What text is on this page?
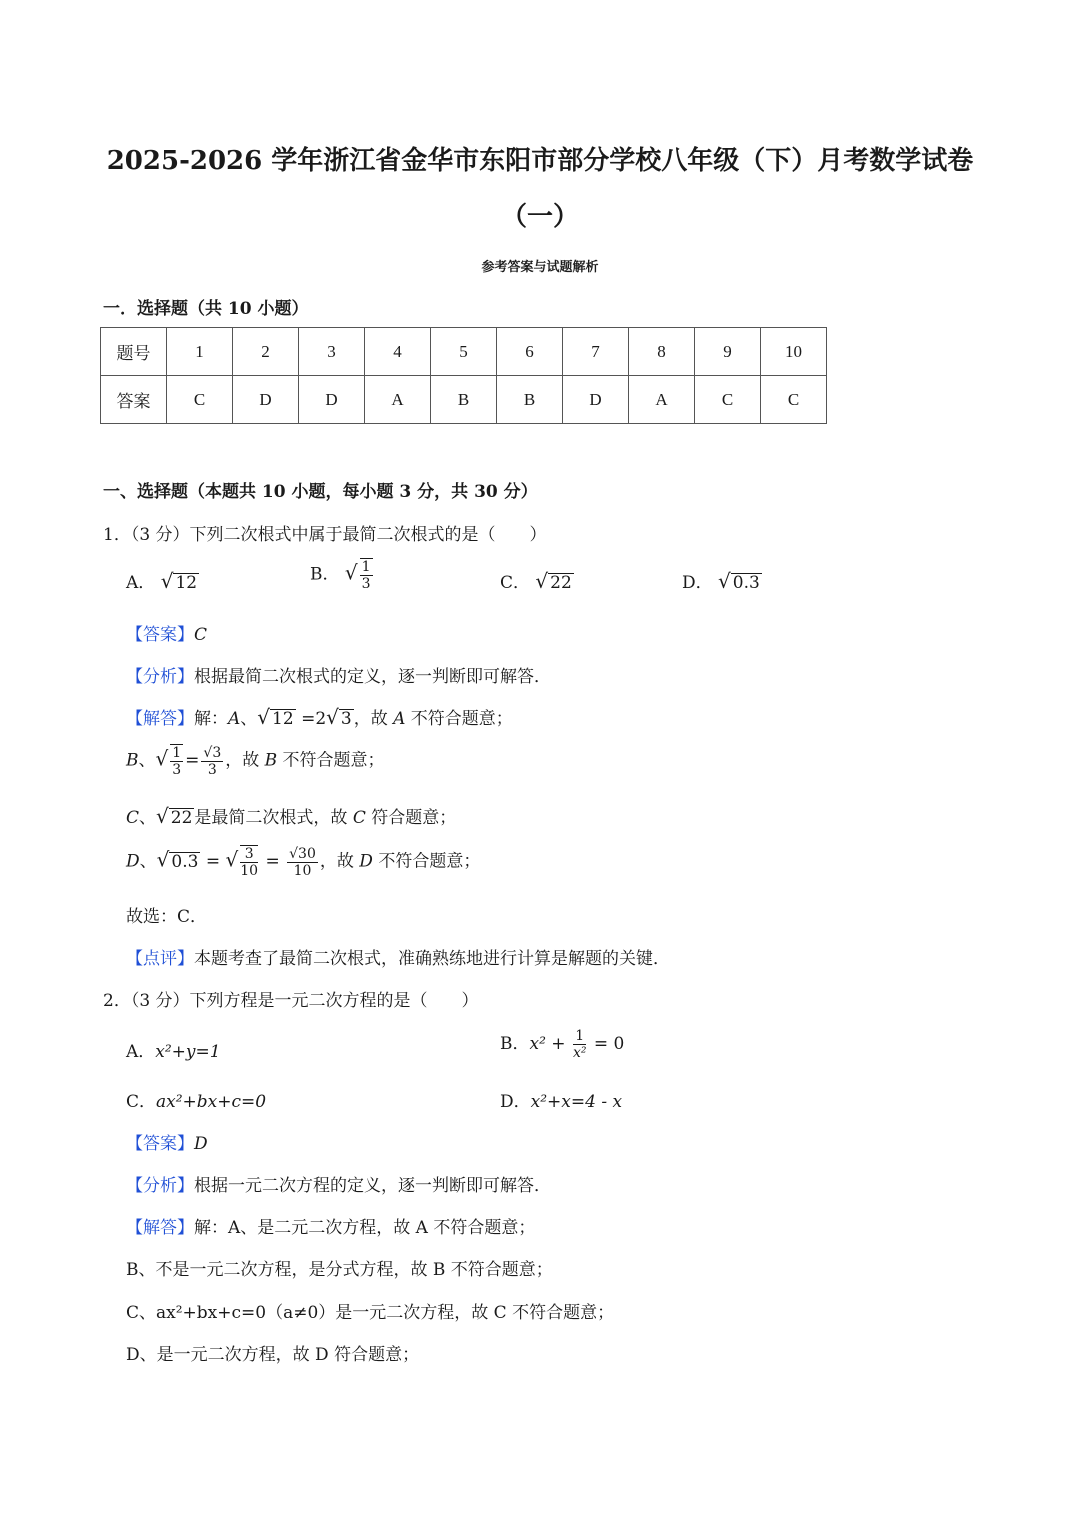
2025-2026 学年浙江省金华市东阳市部分学校八年级（下）月考数学试卷
（一）
参考答案与试题解析
一．选择题（共 10 小题）
题号	1	2	3	4	5	6	7	8	9	10
答案	C	D	D	A	B	B	D	A	C	C
一、选择题（本题共 10 小题，每小题 3 分，共 30 分）
1．（3 分）下列二次根式中属于最简二次根式的是（　　）
A． √ 12	B． √ $\frac{1}{3}$	C． √ 22	D． √ 0.3
【答案】C
【分析】根据最简二次根式的定义，逐一判断即可解答．
【解答】解：A、√ 12 =2√ 3 ，故 A 不符合题意；
B、√ $\frac{1}{3} = \frac{√3}{3}$ ，故 B 不符合题意；
C、√ 22 是最简二次根式，故 C 符合题意；
D、√ 0.3 = √ $\frac{3}{10} = \frac{√30}{10}$ ，故 D 不符合题意；
故选：C．
【点评】本题考查了最简二次根式，准确熟练地进行计算是解题的关键．
2．（3 分）下列方程是一元二次方程的是（　　）
A．x²+y=1	B．$x^2 + \frac{1}{\text{x²}} = 0$
C．ax²+bx+c=0	D．x²+x=4 - x
【答案】D
【分析】根据一元二次方程的定义，逐一判断即可解答．
【解答】解：A、是二元二次方程，故 A 不符合题意；
B、不是一元二次方程，是分式方程，故 B 不符合题意；
C、ax²+bx+c=0（a≠0）是一元二次方程，故 C 不符合题意；
D、是一元二次方程，故 D 符合题意；
